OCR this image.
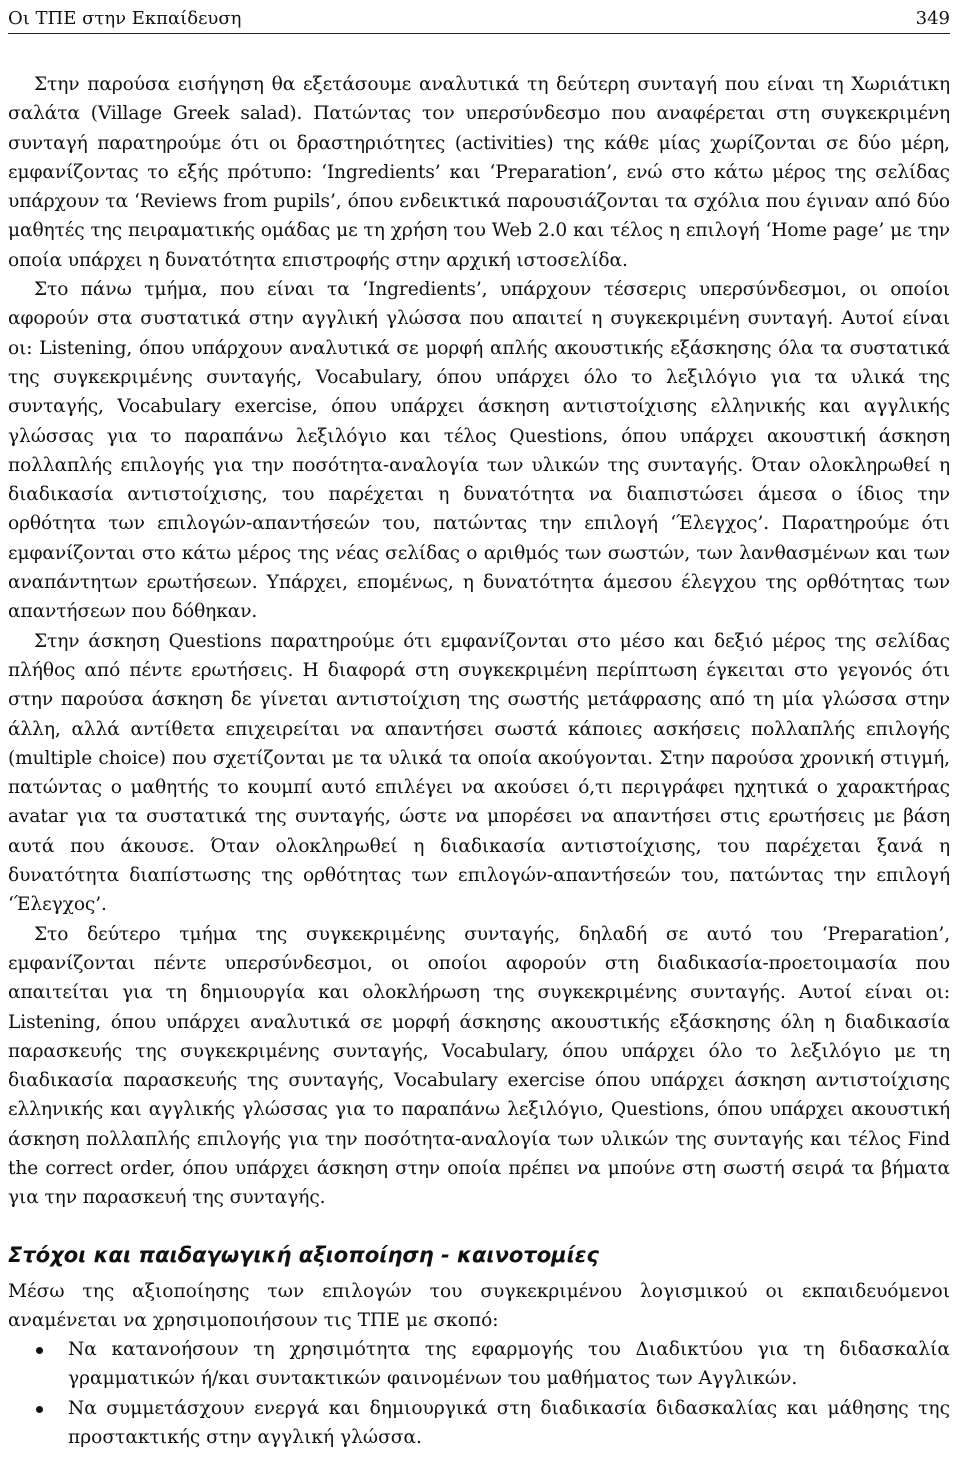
Οι ΤΠΕ στην Εκπαίδευση	349

Στην παρούσα εισήγηση θα εξετάσουμε αναλυτικά τη δεύτερη συνταγή που είναι τη Χωριάτικη σαλάτα (Village Greek salad). Πατώντας τον υπερσύνδεσμο που αναφέρεται στη συγκεκριμένη συνταγή παρατηρούμε ότι οι δραστηριότητες (activities) της κάθε μίας χωρίζονται σε δύο μέρη, εμφανίζοντας το εξής πρότυπο: ‘Ingredients’ και ‘Preparation’, ενώ στο κάτω μέρος της σελίδας υπάρχουν τα ‘Reviews from pupils’, όπου ενδεικτικά παρουσιάζονται τα σχόλια που έγιναν από δύο μαθητές της πειραματικής ομάδας με τη χρήση του Web 2.0 και τέλος η επιλογή ‘Home page’ με την οποία υπάρχει η δυνατότητα επιστροφής στην αρχική ιστοσελίδα.

Στο πάνω τμήμα, που είναι τα ‘Ingredients’, υπάρχουν τέσσερις υπερσύνδεσμοι, οι οποίοι αφορούν στα συστατικά στην αγγλική γλώσσα που απαιτεί η συγκεκριμένη συνταγή. Αυτοί είναι οι: Listening, όπου υπάρχουν αναλυτικά σε μορφή απλής ακουστικής εξάσκησης όλα τα συστατικά της συγκεκριμένης συνταγής, Vocabulary, όπου υπάρχει όλο το λεξιλόγιο για τα υλικά της συνταγής, Vocabulary exercise, όπου υπάρχει άσκηση αντιστοίχισης ελληνικής και αγγλικής γλώσσας για το παραπάνω λεξιλόγιο και τέλος Questions, όπου υπάρχει ακουστική άσκηση πολλαπλής επιλογής για την ποσότητα-αναλογία των υλικών της συνταγής. Όταν ολοκληρωθεί η διαδικασία αντιστοίχισης, του παρέχεται η δυνατότητα να διαπιστώσει άμεσα ο ίδιος την ορθότητα των επιλογών-απαντήσεών του, πατώντας την επιλογή ‘Έλεγχος’. Παρατηρούμε ότι εμφανίζονται στο κάτω μέρος της νέας σελίδας ο αριθμός των σωστών, των λανθασμένων και των αναπάντητων ερωτήσεων. Υπάρχει, επομένως, η δυνατότητα άμεσου έλεγχου της ορθότητας των απαντήσεων που δόθηκαν.

Στην άσκηση Questions παρατηρούμε ότι εμφανίζονται στο μέσο και δεξιό μέρος της σελίδας πλήθος από πέντε ερωτήσεις. Η διαφορά στη συγκεκριμένη περίπτωση έγκειται στο γεγονός ότι στην παρούσα άσκηση δε γίνεται αντιστοίχιση της σωστής μετάφρασης από τη μία γλώσσα στην άλλη, αλλά αντίθετα επιχειρείται να απαντήσει σωστά κάποιες ασκήσεις πολλαπλής επιλογής (multiple choice) που σχετίζονται με τα υλικά τα οποία ακούγονται. Στην παρούσα χρονική στιγμή, πατώντας ο μαθητής το κουμπί αυτό επιλέγει να ακούσει ό,τι περιγράφει ηχητικά ο χαρακτήρας avatar για τα συστατικά της συνταγής, ώστε να μπορέσει να απαντήσει στις ερωτήσεις με βάση αυτά που άκουσε. Όταν ολοκληρωθεί η διαδικασία αντιστοίχισης, του παρέχεται ξανά η δυνατότητα διαπίστωσης της ορθότητας των επιλογών-απαντήσεών του, πατώντας την επιλογή ‘Έλεγχος’.

Στο δεύτερο τμήμα της συγκεκριμένης συνταγής, δηλαδή σε αυτό του ‘Preparation’, εμφανίζονται πέντε υπερσύνδεσμοι, οι οποίοι αφορούν στη διαδικασία-προετοιμασία που απαιτείται για τη δημιουργία και ολοκλήρωση της συγκεκριμένης συνταγής. Αυτοί είναι οι: Listening, όπου υπάρχει αναλυτικά σε μορφή άσκησης ακουστικής εξάσκησης όλη η διαδικασία παρασκευής της συγκεκριμένης συνταγής, Vocabulary, όπου υπάρχει όλο το λεξιλόγιο με τη διαδικασία παρασκευής της συνταγής, Vocabulary exercise όπου υπάρχει άσκηση αντιστοίχισης ελληνικής και αγγλικής γλώσσας για το παραπάνω λεξιλόγιο, Questions, όπου υπάρχει ακουστική άσκηση πολλαπλής επιλογής για την ποσότητα-αναλογία των υλικών της συνταγής και τέλος Find the correct order, όπου υπάρχει άσκηση στην οποία πρέπει να μπούνε στη σωστή σειρά τα βήματα για την παρασκευή της συνταγής.

Στόχοι και παιδαγωγική αξιοποίηση - καινοτομίες

Μέσω της αξιοποίησης των επιλογών του συγκεκριμένου λογισμικού οι εκπαιδευόμενοι αναμένεται να χρησιμοποιήσουν τις ΤΠΕ με σκοπό:

Να κατανοήσουν τη χρησιμότητα της εφαρμογής του Διαδικτύου για τη διδασκαλία γραμματικών ή/και συντακτικών φαινομένων του μαθήματος των Αγγλικών.
Να συμμετάσχουν ενεργά και δημιουργικά στη διαδικασία διδασκαλίας και μάθησης της προστακτικής στην αγγλική γλώσσα.
